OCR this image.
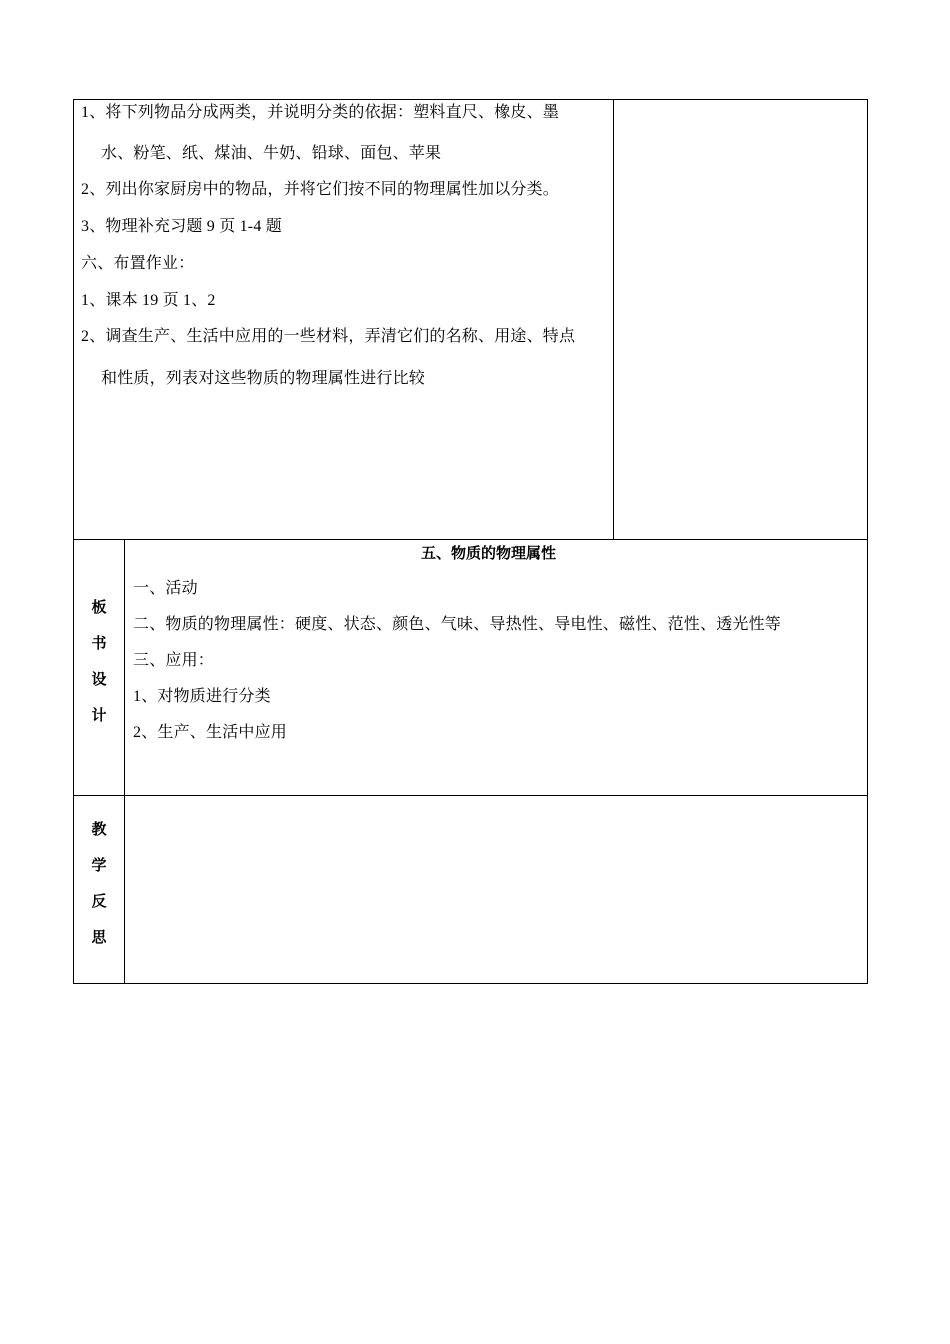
1、将下列物品分成两类，并说明分类的依据：塑料直尺、橡皮、墨
水、粉笔、纸、煤油、牛奶、铅球、面包、苹果
2、列出你家厨房中的物品，并将它们按不同的物理属性加以分类。
3、物理补充习题 9 页 1-4 题
六、布置作业：
1、课本 19 页 1、2
2、调查生产、生活中应用的一些材料，弄清它们的名称、用途、特点
和性质，列表对这些物质的物理属性进行比较
板
书
设
计
五、物质的物理属性
一、活动
二、物质的物理属性：硬度、状态、颜色、气味、导热性、导电性、磁性、范性、透光性等
三、应用：
1、对物质进行分类
2、生产、生活中应用
教
学
反
思
